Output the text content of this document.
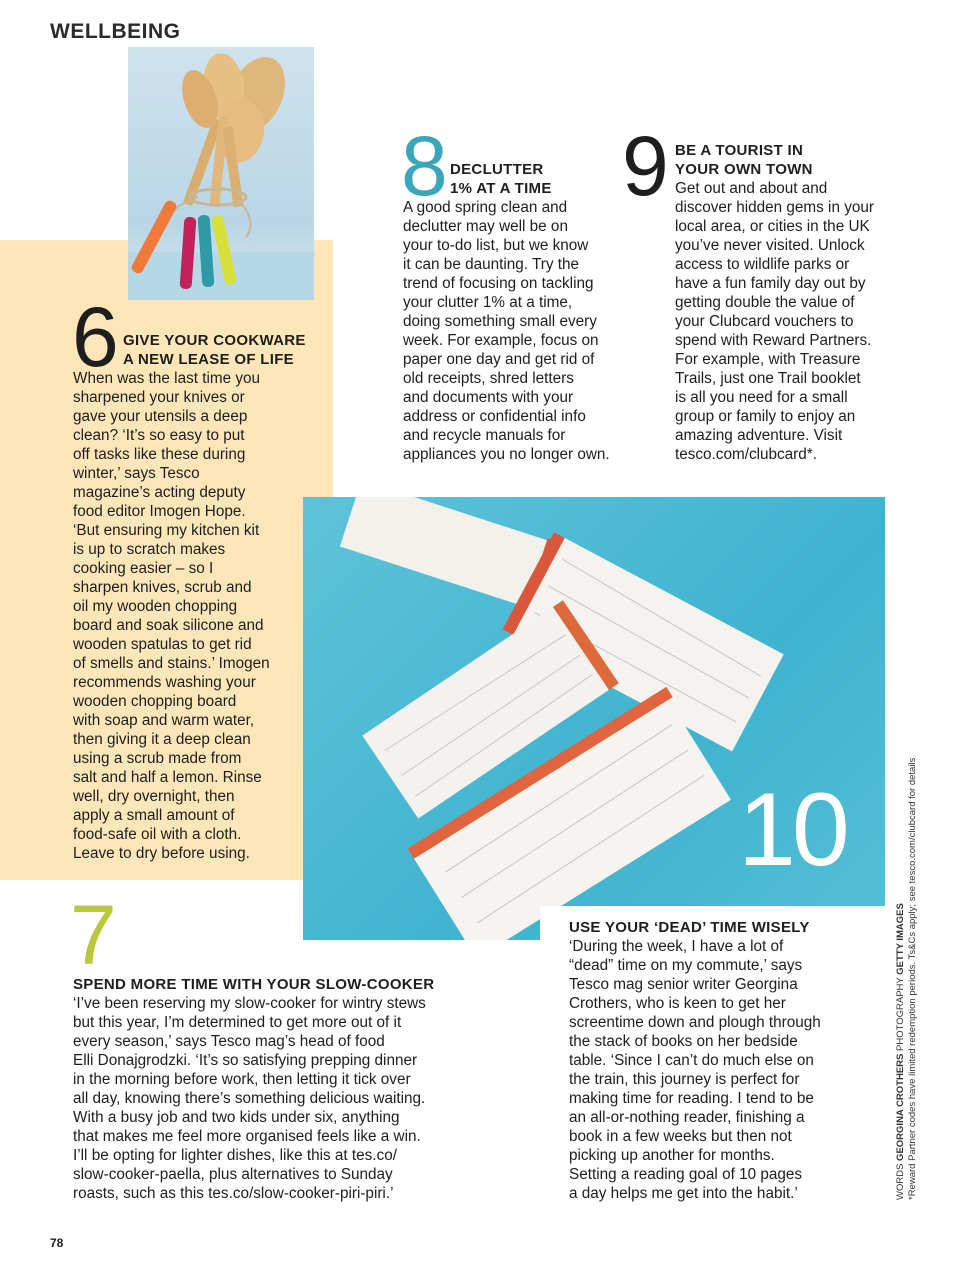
WELLBEING
6 GIVE YOUR COOKWARE
A NEW LEASE OF LIFE
When was the last time you
sharpened your knives or
gave your utensils a deep
clean? ‘It’s so easy to put
off tasks like these during
winter,’ says Tesco
magazine’s acting deputy
food editor Imogen Hope.
‘But ensuring my kitchen kit
is up to scratch makes
cooking easier – so I
sharpen knives, scrub and
oil my wooden chopping
board and soak silicone and
wooden spatulas to get rid
of smells and stains.’ Imogen
recommends washing your
wooden chopping board
with soap and warm water,
then giving it a deep clean
using a scrub made from
salt and half a lemon. Rinse
well, dry overnight, then
apply a small amount of
food-safe oil with a cloth.
Leave to dry before using.
8 DECLUTTER
1% AT A TIME
A good spring clean and
declutter may well be on
your to-do list, but we know
it can be daunting. Try the
trend of focusing on tackling
your clutter 1% at a time,
doing something small every
week. For example, focus on
paper one day and get rid of
old receipts, shred letters
and documents with your
address or confidential info
and recycle manuals for
appliances you no longer own.
9 BE A TOURIST IN
YOUR OWN TOWN
Get out and about and
discover hidden gems in your
local area, or cities in the UK
you’ve never visited. Unlock
access to wildlife parks or
have a fun family day out by
getting double the value of
your Clubcard vouchers to
spend with Reward Partners.
For example, with Treasure
Trails, just one Trail booklet
is all you need for a small
group or family to enjoy an
amazing adventure. Visit
tesco.com/clubcard*.
10
USE YOUR ‘DEAD’ TIME WISELY
‘During the week, I have a lot of
“dead” time on my commute,’ says
Tesco mag senior writer Georgina
Crothers, who is keen to get her
screentime down and plough through
the stack of books on her bedside
table. ‘Since I can’t do much else on
the train, this journey is perfect for
making time for reading. I tend to be
an all-or-nothing reader, finishing a
book in a few weeks but then not
picking up another for months.
Setting a reading goal of 10 pages
a day helps me get into the habit.’
7
SPEND MORE TIME WITH YOUR SLOW-COOKER
‘I’ve been reserving my slow-cooker for wintry stews
but this year, I’m determined to get more out of it
every season,’ says Tesco mag’s head of food
Elli Donajgrodzki. ‘It’s so satisfying prepping dinner
in the morning before work, then letting it tick over
all day, knowing there’s something delicious waiting.
With a busy job and two kids under six, anything
that makes me feel more organised feels like a win.
I’ll be opting for lighter dishes, like this at tes.co/
slow-cooker-paella, plus alternatives to Sunday
roasts, such as this tes.co/slow-cooker-piri-piri.’	WORDS GEORGINA CROTHERS PHOTOGRAPHY GETTY IMAGES *Reward Partner codes have limited redemption periods. Ts&Cs apply; see tesco.com/clubcard for details
78
